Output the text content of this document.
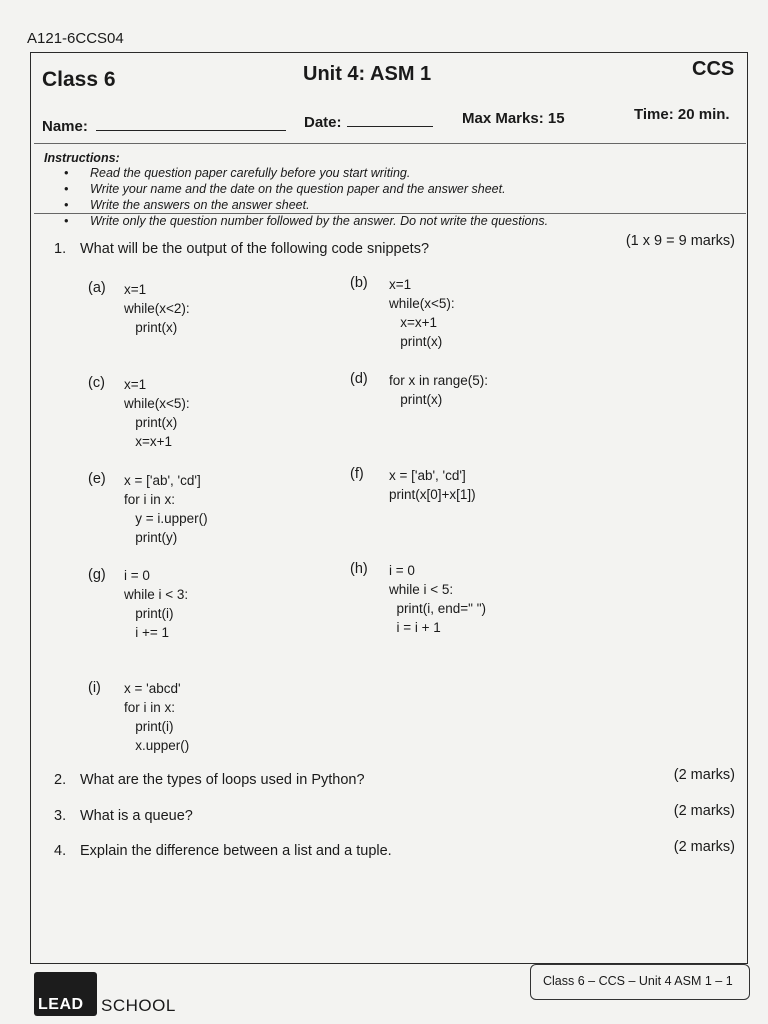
A121-6CCS04
Class 6	Unit 4: ASM 1	CCS
Name:	Date:	Max Marks: 15	Time: 20 min.
Instructions:
• Read the question paper carefully before you start writing.
• Write your name and the date on the question paper and the answer sheet.
• Write the answers on the answer sheet.
• Write only the question number followed by the answer. Do not write the questions.
1. What will be the output of the following code snippets?	(1 x 9 = 9 marks)
(a) x=1
while(x<2):
print(x)
(c) x=1
while(x<5):
print(x)
x=x+1
(e) x = ['ab', 'cd']
for i in x:
y = i.upper()
print(y)
(g) i = 0
while i < 3:
print(i)
i += 1
(i) x = 'abcd'
for i in x:
print(i)
x.upper()
(b) x=1
while(x<5):
x=x+1
print(x)
(d) for x in range(5):
print(x)
(f) x = ['ab', 'cd']
print(x[0]+x[1])
(h) i = 0
while i < 5:
print(i, end=" ")
i = i + 1
2. What are the types of loops used in Python?	(2 marks)
3. What is a queue?	(2 marks)
4. Explain the difference between a list and a tuple.	(2 marks)
Class 6 – CCS – Unit 4 ASM 1 – 1
LEAD SCHOOL
